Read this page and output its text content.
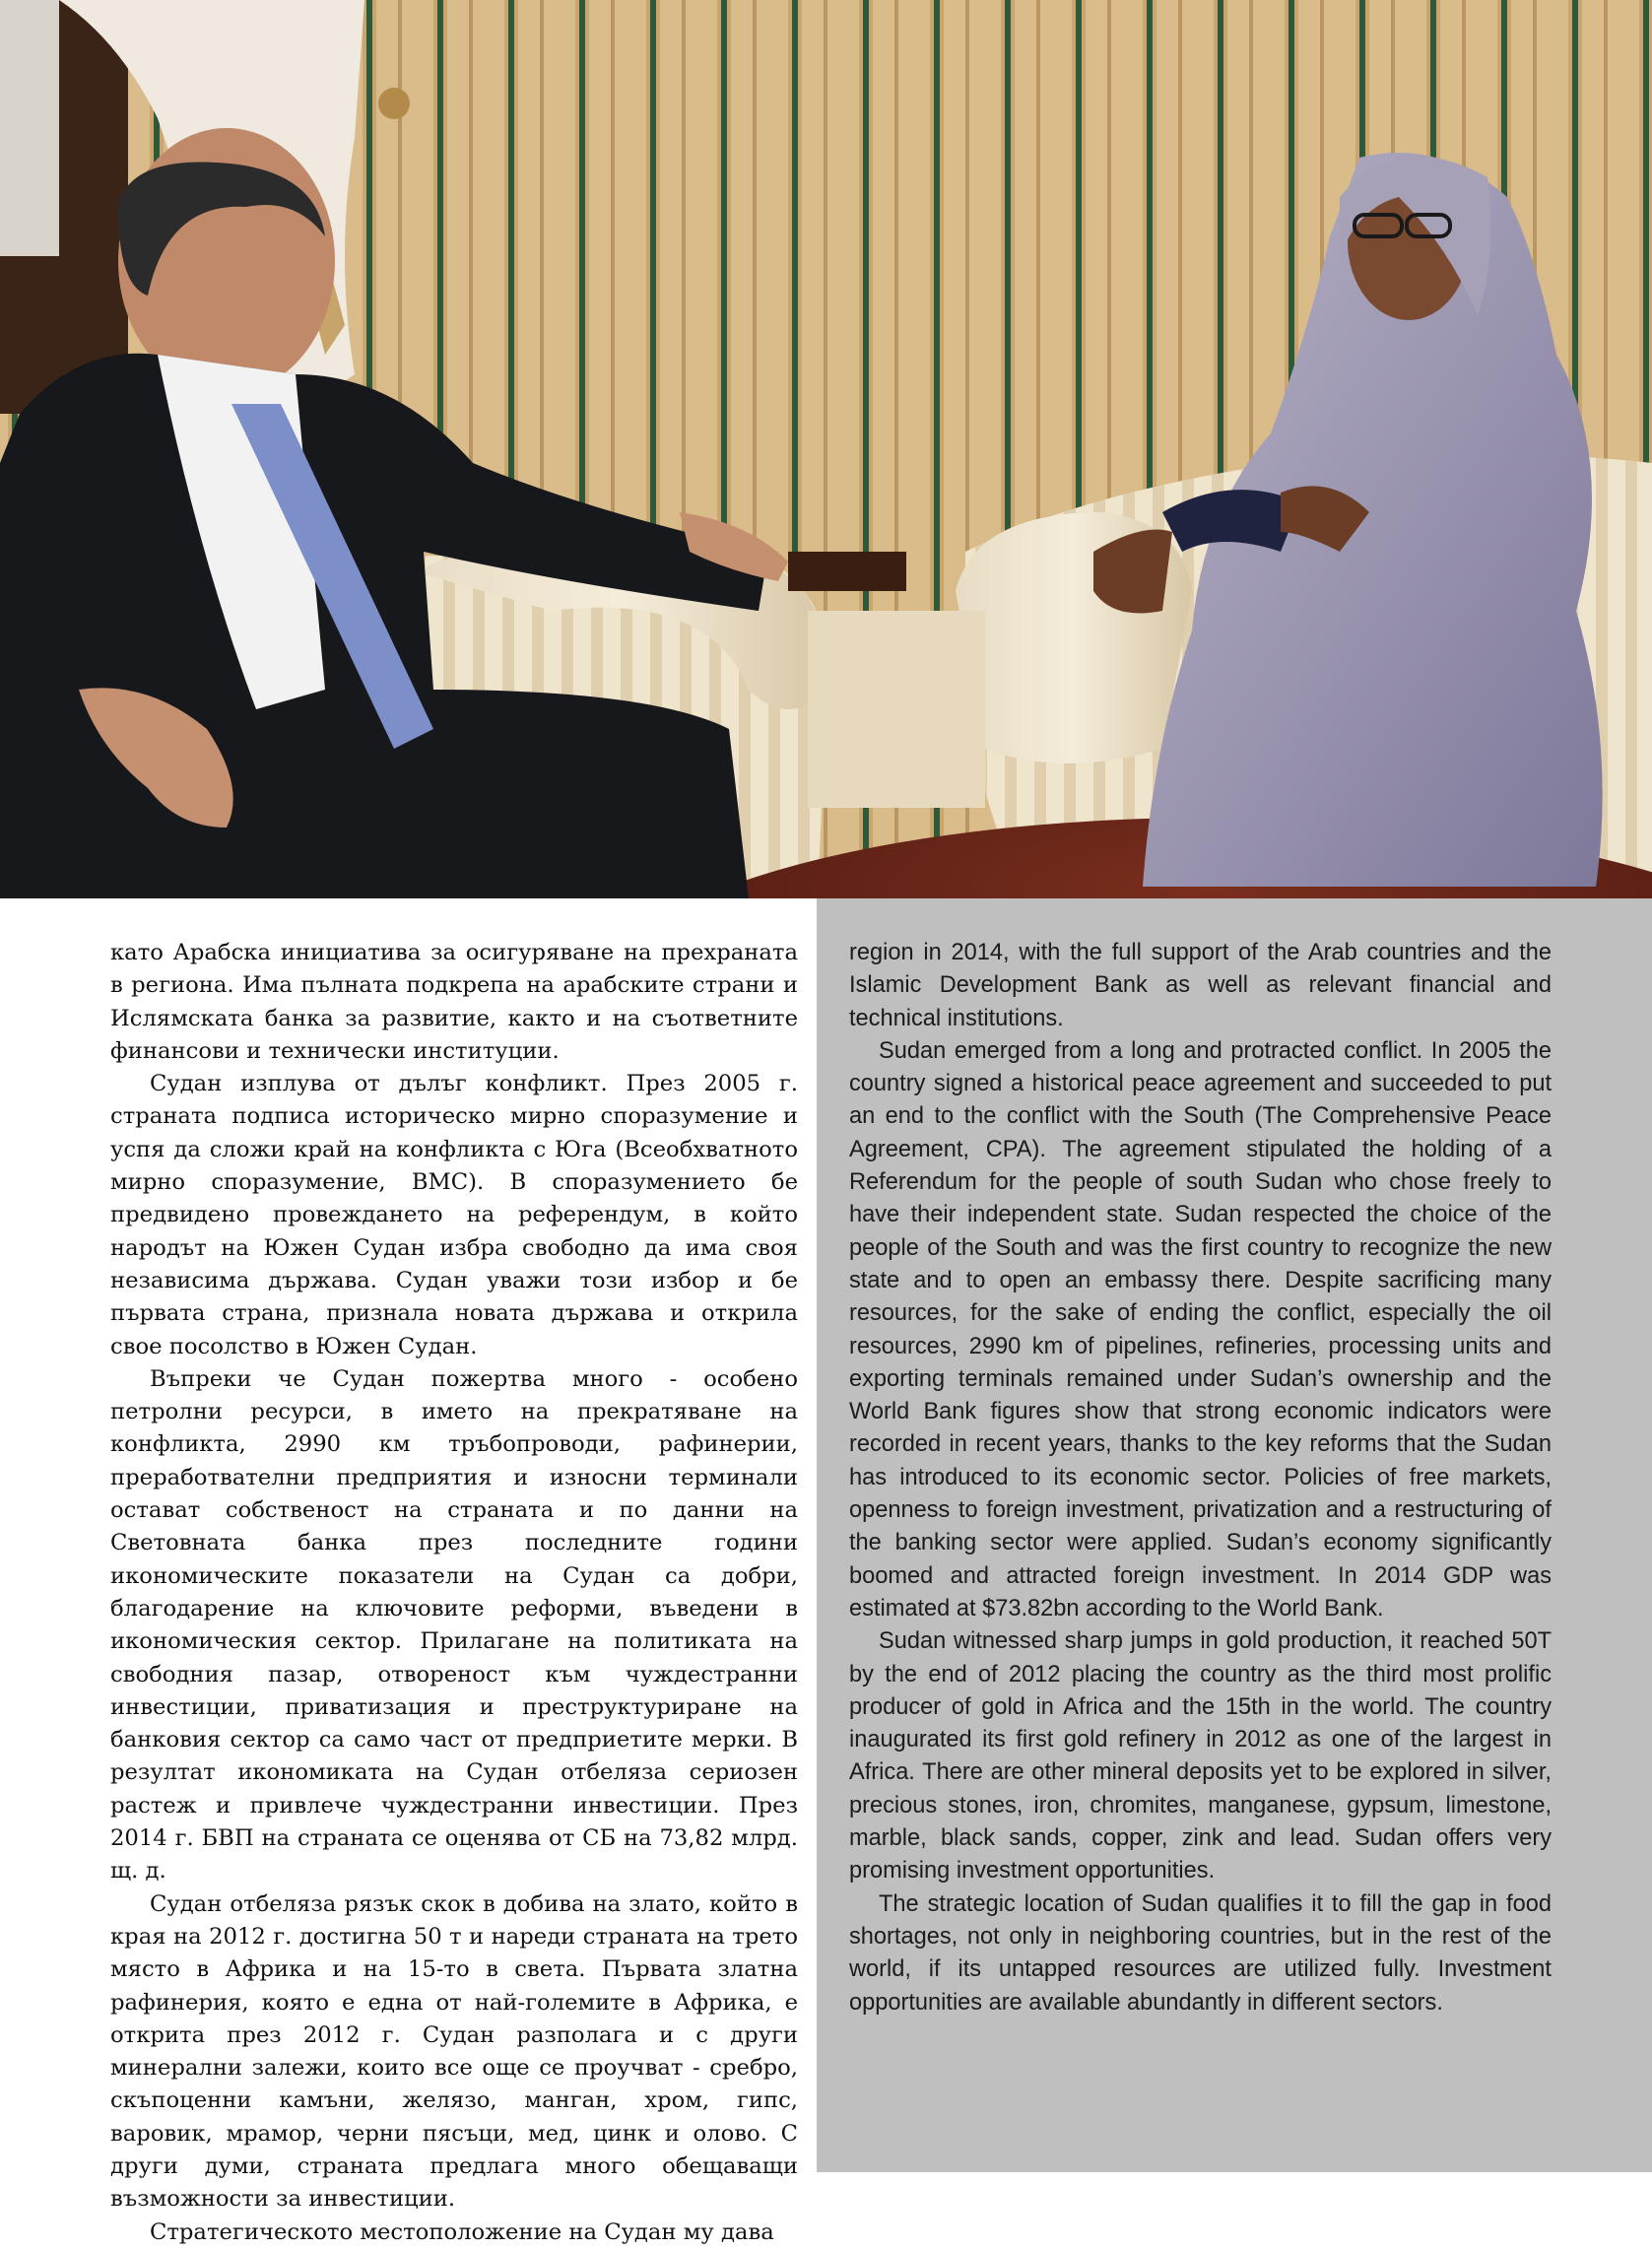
като Арабска инициатива за осигуряване на прехраната в региона. Има пълната подкрепа на арабските страни и Ислямската банка за развитие, както и на съответните финансови и технически институции.

Судан изплува от дълъг конфликт. През 2005 г. страната подписа историческо мирно споразумение и успя да сложи край на конфликта с Юга (Всеобхватното мирно споразумение, ВМС). В споразумението бе предвидено провеждането на референдум, в който народът на Южен Судан избра свободно да има своя независима държава. Судан уважи този избор и бе първата страна, признала новата държава и открила свое посолство в Южен Судан.

Въпреки че Судан пожертва много - особено петролни ресурси, в името на прекратяване на конфликта, 2990 км тръбопроводи, рафинерии, преработвателни предприятия и износни терминали остават собственост на страната и по данни на Световната банка през последните години икономическите показатели на Судан са добри, благодарение на ключовите реформи, въведени в икономическия сектор. Прилагане на политиката на свободния пазар, отвореност към чуждестранни инвестиции, приватизация и преструктуриране на банковия сектор са само част от предприетите мерки. В резултат икономиката на Судан отбеляза сериозен растеж и привлече чуждестранни инвестиции. През 2014 г. БВП на страната се оценява от СБ на 73,82 млрд. щ. д.

Судан отбеляза рязък скок в добива на злато, който в края на 2012 г. достигна 50 т и нареди страната на трето място в Африка и на 15-то в света. Първата златна рафинерия, която е една от най-големите в Африка, е открита през 2012 г. Судан разполага и с други минерални залежи, които все още се проучват - сребро, скъпоценни камъни, желязо, манган, хром, гипс, варовик, мрамор, черни пясъци, мед, цинк и олово. С други думи, страната предлага много обещаващи възможности за инвестиции.

Стратегическото местоположение на Судан му дава

region in 2014, with the full support of the Arab countries and the Islamic Development Bank as well as relevant financial and technical institutions.

Sudan emerged from a long and protracted conflict. In 2005 the country signed a historical peace agreement and succeeded to put an end to the conflict with the South (The Comprehensive Peace Agreement, CPA). The agreement stipulated the holding of a Referendum for the people of south Sudan who chose freely to have their independent state. Sudan respected the choice of the people of the South and was the first country to recognize the new state and to open an embassy there. Despite sacrificing many resources, for the sake of ending the conflict, especially the oil resources, 2990 km of pipelines, refineries, processing units and exporting terminals remained under Sudan’s ownership and the World Bank figures show that strong economic indicators were recorded in recent years, thanks to the key reforms that the Sudan has introduced to its economic sector. Policies of free markets, openness to foreign investment, privatization and a restructuring of the banking sector were applied. Sudan’s economy significantly boomed and attracted foreign investment. In 2014 GDP was estimated at $73.82bn according to the World Bank.

Sudan witnessed sharp jumps in gold production, it reached 50T by the end of 2012 placing the country as the third most prolific producer of gold in Africa and the 15th in the world. The country inaugurated its first gold refinery in 2012 as one of the largest in Africa. There are other mineral deposits yet to be explored in silver, precious stones, iron, chromites, manganese, gypsum, limestone, marble, black sands, copper, zink and lead. Sudan offers very promising investment opportunities.

The strategic location of Sudan qualifies it to fill the gap in food shortages, not only in neighboring countries, but in the rest of the world, if its untapped resources are utilized fully. Investment opportunities are available abundantly in different sectors.
